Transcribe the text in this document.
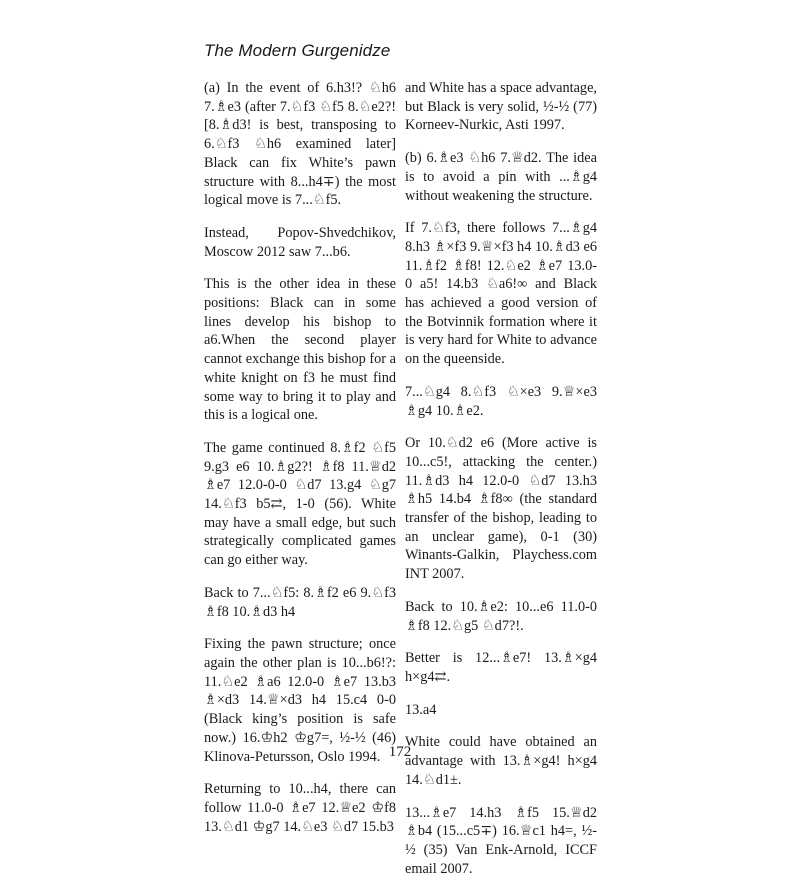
The Modern Gurgenidze

(a) In the event of 6.h3!? ♘h6 7.♗e3 (after 7.♘f3 ♘f5 8.♘e2?! [8.♗d3! is best, transposing to 6.♘f3 ♘h6 examined later] Black can fix White’s pawn structure with 8...h4∓) the most logical move is 7...♘f5.

Instead, Popov-Shvedchikov, Moscow 2012 saw 7...b6.

This is the other idea in these positions: Black can in some lines develop his bishop to a6.When the second player cannot exchange this bishop for a white knight on f3 he must find some way to bring it to play and this is a logical one.

The game continued 8.♗f2 ♘f5 9.g3 e6 10.♗g2?! ♗f8 11.♕d2 ♗e7 12.0-0-0 ♘d7 13.g4 ♘g7 14.♘f3 b5⇄, 1-0 (56). White may have a small edge, but such strategically complicated games can go either way.

Back to 7...♘f5: 8.♗f2 e6 9.♘f3 ♗f8 10.♗d3 h4

Fixing the pawn structure; once again the other plan is 10...b6!?: 11.♘e2 ♗a6 12.0-0 ♗e7 13.b3 ♗×d3 14.♕×d3 h4 15.c4 0-0 (Black king’s position is safe now.) 16.♔h2 ♔g7=, ½-½ (46) Klinova-Petursson, Oslo 1994.

Returning to 10...h4, there can follow 11.0-0 ♗e7 12.♕e2 ♔f8 13.♘d1 ♔g7 14.♘e3 ♘d7 15.b3

and White has a space advantage, but Black is very solid, ½-½ (77) Korneev-Nurkic, Asti 1997.

(b) 6.♗e3 ♘h6 7.♕d2. The idea is to avoid a pin with ...♗g4 without weakening the structure.

If 7.♘f3, there follows 7...♗g4 8.h3 ♗×f3 9.♕×f3 h4 10.♗d3 e6 11.♗f2 ♗f8! 12.♘e2 ♗e7 13.0-0 a5! 14.b3 ♘a6!∞ and Black has achieved a good version of the Botvinnik formation where it is very hard for White to advance on the queenside.

7...♘g4 8.♘f3 ♘×e3 9.♕×e3 ♗g4 10.♗e2.

Or 10.♘d2 e6 (More active is 10...c5!, attacking the center.) 11.♗d3 h4 12.0-0 ♘d7 13.h3 ♗h5 14.b4 ♗f8∞ (the standard transfer of the bishop, leading to an unclear game), 0-1 (30) Winants-Galkin, Playchess.com INT 2007.

Back to 10.♗e2: 10...e6 11.0-0 ♗f8 12.♘g5 ♘d7?!.

Better is 12...♗e7! 13.♗×g4 h×g4⇄.

13.a4

White could have obtained an advantage with 13.♗×g4! h×g4 14.♘d1±.

13...♗e7 14.h3 ♗f5 15.♕d2 ♗b4 (15...c5∓) 16.♕c1 h4=, ½-½ (35) Van Enk-Arnold, ICCF email 2007.

172
